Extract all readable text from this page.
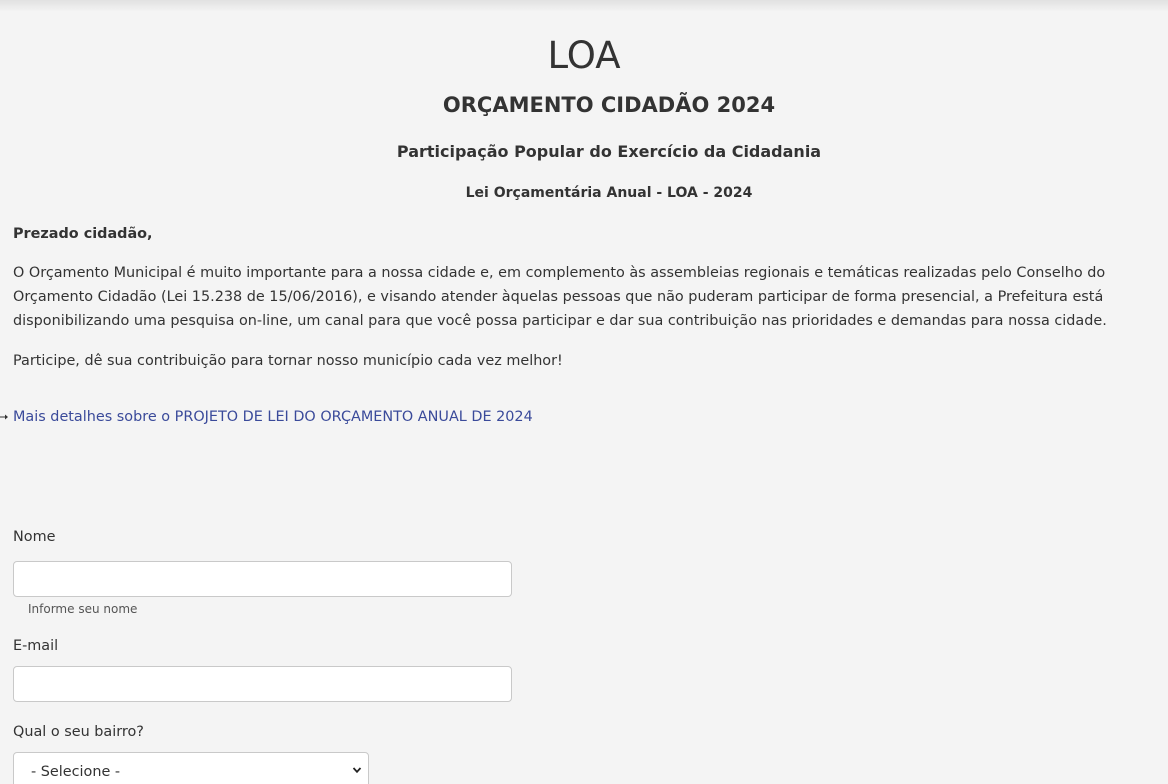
LOA
ORÇAMENTO CIDADÃO 2024
Participação Popular do Exercício da Cidadania
Lei Orçamentária Anual - LOA - 2024
Prezado cidadão,

O Orçamento Municipal é muito importante para a nossa cidade e, em complemento às assembleias regionais e temáticas realizadas pelo Conselho do Orçamento Cidadão (Lei 15.238 de 15/06/2016), e visando atender àquelas pessoas que não puderam participar de forma presencial, a Prefeitura está disponibilizando uma pesquisa on-line, um canal para que você possa participar e dar sua contribuição nas prioridades e demandas para nossa cidade.

Participe, dê sua contribuição para tornar nosso município cada vez melhor!

Mais detalhes sobre o PROJETO DE LEI DO ORÇAMENTO ANUAL DE 2024
Nome
Informe seu nome
E-mail
Qual o seu bairro?
- Selecione -
